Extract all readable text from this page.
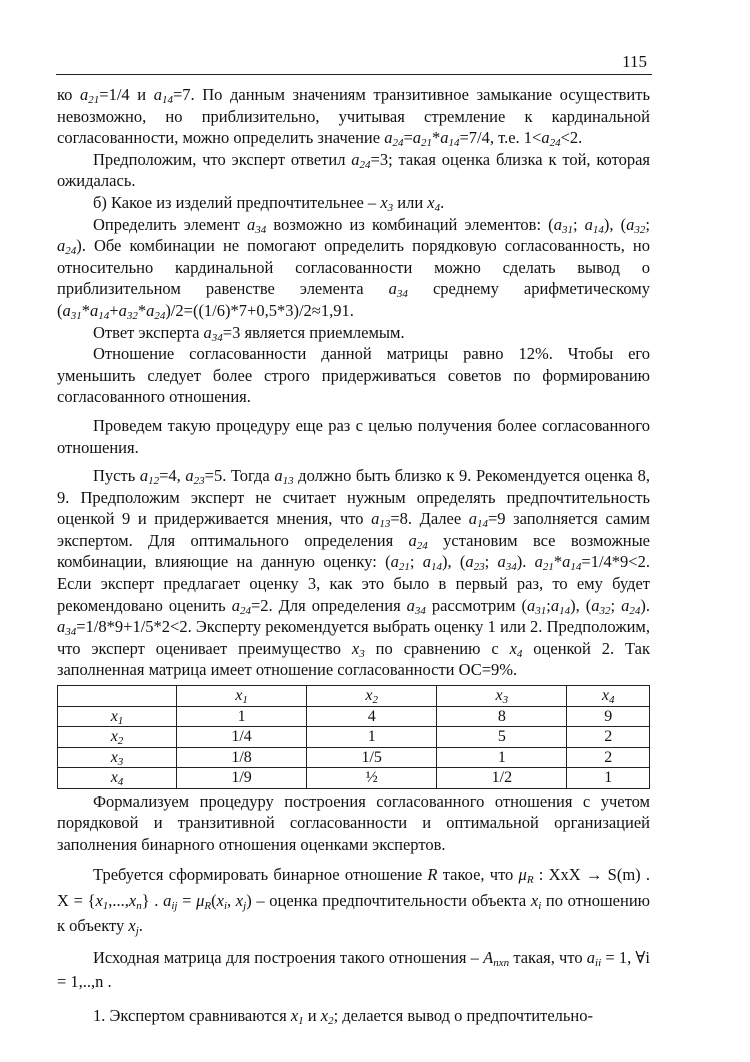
115

ко $a_{21}=1/4$ и $a_{14}=7$. По данным значениям транзитивное замыкание осуществить невозможно, но приблизительно, учитывая стремление к кардинальной согласованности, можно определить значение $a_{24}=a_{21}*a_{14}=7/4$, т.е. $1<a_{24}<2$.

Предположим, что эксперт ответил $a_{24}=3$; такая оценка близка к той, которая ожидалась.

б) Какое из изделий предпочтительнее – $x_3$ или $x_4$.

Определить элемент $a_{34}$ возможно из комбинаций элементов: ($a_{31}$; $a_{14}$), ($a_{32}$; $a_{24}$). Обе комбинации не помогают определить порядковую согласованность, но относительно кардинальной согласованности можно сделать вывод о приблизительном равенстве элемента $a_{34}$ среднему арифметическому $(a_{31}*a_{14}+a_{32}*a_{24})/2=((1/6)*7+0,5*3)/2\approx 1,91$.

Ответ эксперта $a_{34}=3$ является приемлемым.

Отношение согласованности данной матрицы равно 12%. Чтобы его уменьшить следует более строго придерживаться советов по формированию согласованного отношения.

Проведем такую процедуру еще раз с целью получения более согласованного отношения.

Пусть $a_{12}=4$, $a_{23}=5$. Тогда $a_{13}$ должно быть близко к 9. Рекомендуется оценка 8, 9. Предположим эксперт не считает нужным определять предпочтительность оценкой 9 и придерживается мнения, что $a_{13}=8$. Далее $a_{14}=9$ заполняется самим экспертом. Для оптимального определения $a_{24}$ установим все возможные комбинации, влияющие на данную оценку: ($a_{21}$; $a_{14}$), ($a_{23}$; $a_{34}$). $a_{21}*a_{14}=1/4*9<2$. Если эксперт предлагает оценку 3, как это было в первый раз, то ему будет рекомендовано оценить $a_{24}=2$. Для определения $a_{34}$ рассмотрим $(a_{31};a_{14})$, ($a_{32}$; $a_{24}$). $a_{34}=1/8*9+1/5*2<2$. Эксперту рекомендуется выбрать оценку 1 или 2. Предположим, что эксперт оценивает преимущество $x_3$ по сравнению с $x_4$ оценкой 2. Так заполненная матрица имеет отношение согласованности ОС=9%.

	$x_1$	$x_2$	$x_3$	$x_4$
$x_1$	1	4	8	9
$x_2$	1/4	1	5	2
$x_3$	1/8	1/5	1	2
$x_4$	1/9	½	1/2	1

Формализуем процедуру построения согласованного отношения с учетом порядковой и транзитивной согласованности и оптимальной организацией заполнения бинарного отношения оценками экспертов.

Требуется сформировать бинарное отношение R такое, что $\mu_R$ : XxX → S(m) . $X = \{x_1,...,x_n\}$ . $a_{ij} = \mu_R(x_i$, $x_j$) – оценка предпочтительности объекта $x_i$ по отношению к объекту $x_j$.

Исходная матрица для построения такого отношения – $A_{nxn}$ такая, что $a_{ii} = 1$, ∀i = 1,..,n .

1. Экспертом сравниваются $x_1$ и $x_2$; делается вывод о предпочтительно-
